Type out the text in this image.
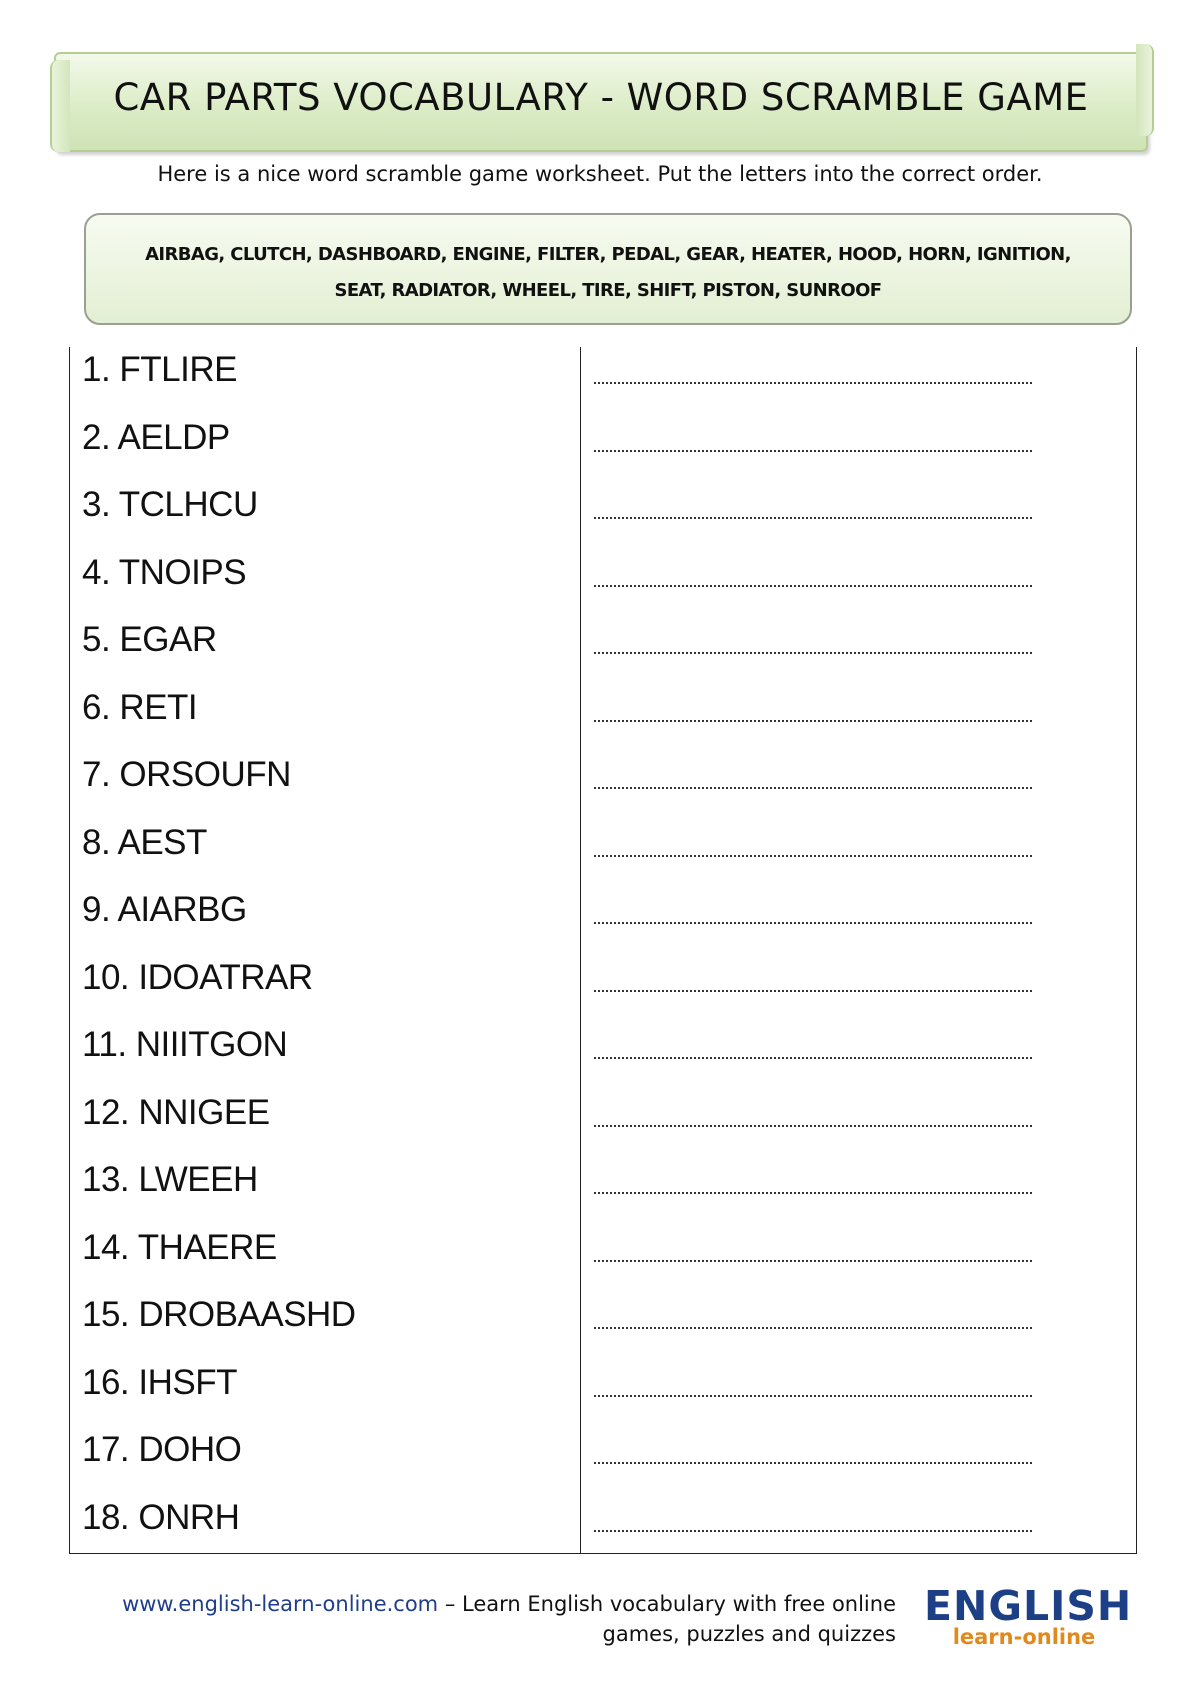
CAR PARTS VOCABULARY - WORD SCRAMBLE GAME

Here is a nice word scramble game worksheet. Put the letters into the correct order.

AIRBAG, CLUTCH, DASHBOARD, ENGINE, FILTER, PEDAL, GEAR, HEATER, HOOD, HORN, IGNITION,
SEAT, RADIATOR, WHEEL, TIRE, SHIFT, PISTON, SUNROOF
1. FTLIRE
2. AELDP
3. TCLHCU
4. TNOIPS
5. EGAR
6. RETI
7. ORSOUFN
8. AEST
9. AIARBG
10. IDOATRAR
11. NIIITGON
12. NNIGEE
13. LWEEH
14. THAERE
15. DROBAASHD
16. IHSFT
17. DOHO
18. ONRH
www.english-learn-online.com – Learn English vocabulary with free online
games, puzzles and quizzes
ENGLISH
learn-online
